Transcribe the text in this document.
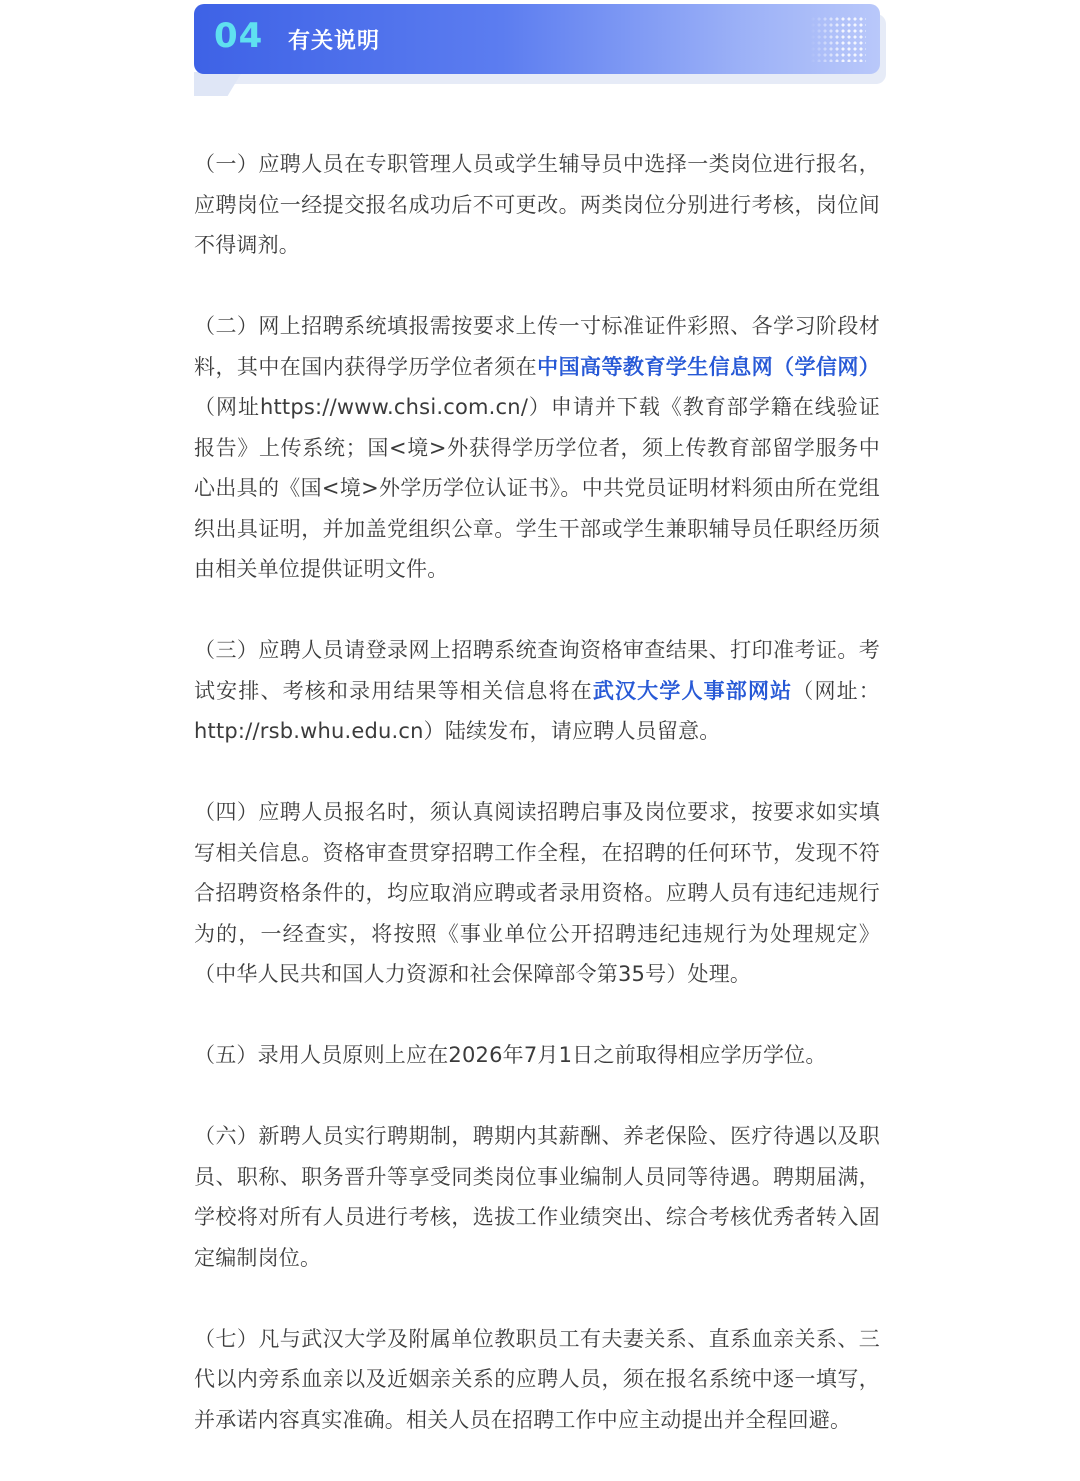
04 有关说明

（一）应聘人员在专职管理人员或学生辅导员中选择一类岗位进行报名，应聘岗位一经提交报名成功后不可更改。两类岗位分别进行考核，岗位间不得调剂。

（二）网上招聘系统填报需按要求上传一寸标准证件彩照、各学习阶段材料，其中在国内获得学历学位者须在中国高等教育学生信息网（学信网）（网址https://www.chsi.com.cn/）申请并下载《教育部学籍在线验证报告》上传系统；国<境>外获得学历学位者，须上传教育部留学服务中心出具的《国<境>外学历学位认证书》。中共党员证明材料须由所在党组织出具证明，并加盖党组织公章。学生干部或学生兼职辅导员任职经历须由相关单位提供证明文件。

（三）应聘人员请登录网上招聘系统查询资格审查结果、打印准考证。考试安排、考核和录用结果等相关信息将在武汉大学人事部网站（网址：http://rsb.whu.edu.cn）陆续发布，请应聘人员留意。

（四）应聘人员报名时，须认真阅读招聘启事及岗位要求，按要求如实填写相关信息。资格审查贯穿招聘工作全程，在招聘的任何环节，发现不符合招聘资格条件的，均应取消应聘或者录用资格。应聘人员有违纪违规行为的，一经查实，将按照《事业单位公开招聘违纪违规行为处理规定》（中华人民共和国人力资源和社会保障部令第35号）处理。

（五）录用人员原则上应在2026年7月1日之前取得相应学历学位。

（六）新聘人员实行聘期制，聘期内其薪酬、养老保险、医疗待遇以及职员、职称、职务晋升等享受同类岗位事业编制人员同等待遇。聘期届满，学校将对所有人员进行考核，选拔工作业绩突出、综合考核优秀者转入固定编制岗位。

（七）凡与武汉大学及附属单位教职员工有夫妻关系、直系血亲关系、三代以内旁系血亲以及近姻亲关系的应聘人员，须在报名系统中逐一填写，并承诺内容真实准确。相关人员在招聘工作中应主动提出并全程回避。
